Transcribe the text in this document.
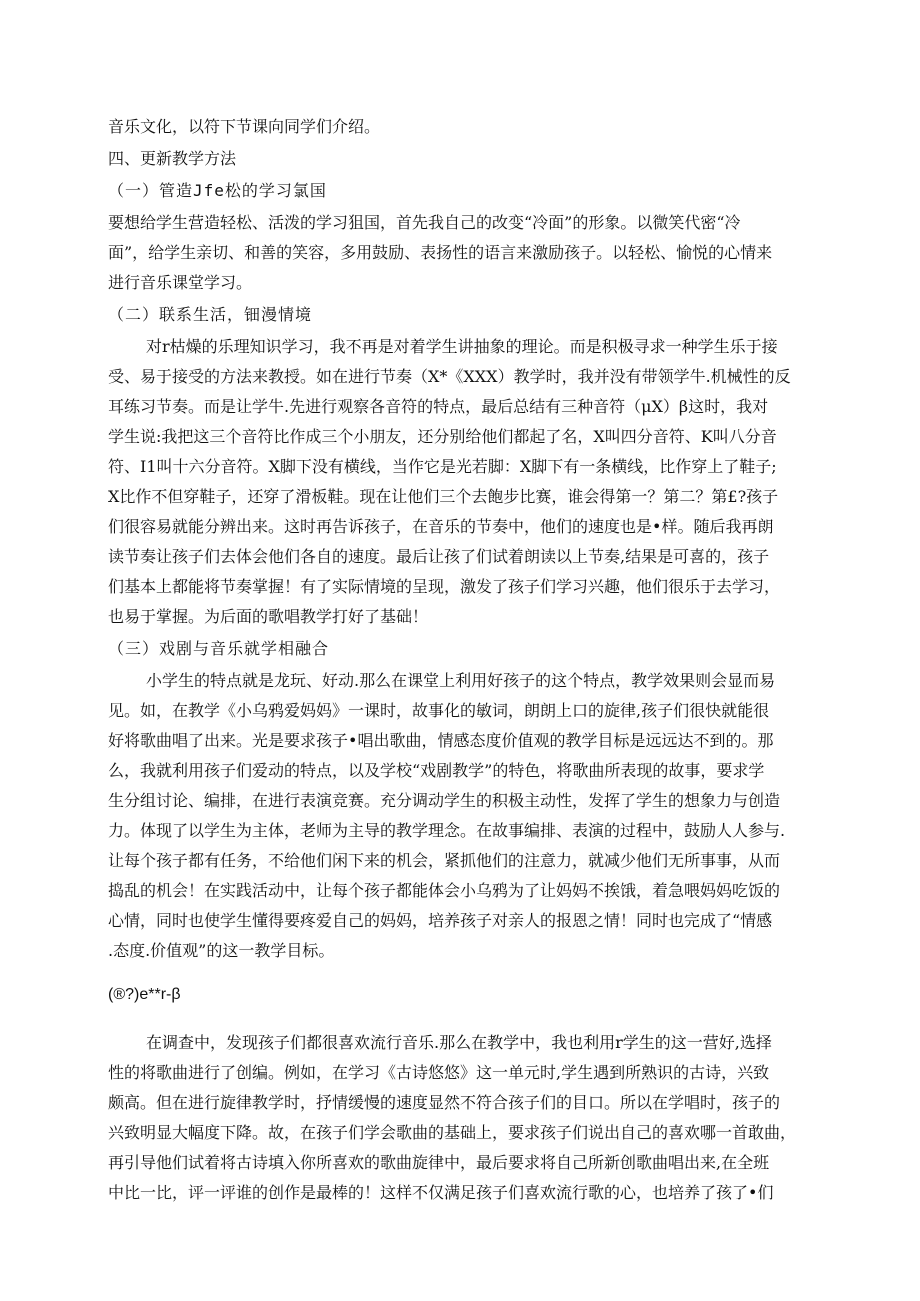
音乐文化，以符下节课向同学们介绍。
四、更新教学方法
（一）管造Jfe松的学习氯国
要想给学生营造轻松、活泼的学习狙国，首先我自己的改变“冷面”的形象。以微笑代密“冷
面”，给学生亲切、和善的笑容，多用鼓励、表扬性的语言来激励孩子。以轻松、愉悦的心情来
进行音乐课堂学习。
（二）联系生活，钿漫情境
对r枯燥的乐理知识学习，我不再是对着学生讲抽象的理论。而是积极寻求一种学生乐于接
受、易于接受的方法来教授。如在进行节奏（X*《XXX）教学时，我并没有带领学牛.机械性的反
耳练习节奏。而是让学牛.先进行观察各音符的特点，最后总结有三种音符（μX）β这时，我对
学生说:我把这三个音符比作成三个小朋友，还分别给他们都起了名，X叫四分音符、K叫八分音
符、I1叫十六分音符。X脚下没有横线，当作它是光若脚：X脚下有一条横线，比作穿上了鞋子;
X比作不但穿鞋子，还穿了滑板鞋。现在让他们三个去飽步比赛，谁会得第一？第二？第£?孩子
们很容易就能分辨出来。这时再告诉孩子，在音乐的节奏中，他们的速度也是•样。随后我再朗
读节奏让孩子们去体会他们各自的速度。最后让孩了们试着朗读以上节奏,结果是可喜的，孩子
们基本上都能将节奏掌握！有了实际情境的呈现，激发了孩子们学习兴趣，他们很乐于去学习，
也易于掌握。为后面的歌唱教学打好了基础！
（三）戏剧与音乐就学相融合
小学生的特点就是龙玩、好动.那么在课堂上利用好孩子的这个特点，教学效果则会显而易
见。如，在教学《小乌鸦爱妈妈》一课时，故事化的敏词，朗朗上口的旋律,孩子们很快就能很
好将歌曲唱了出来。光是要求孩子•唱出歌曲，情感态度价值观的教学目标是远远达不到的。那
么，我就利用孩子们爱动的特点，以及学校“戏剧教学”的特色，将歌曲所表现的故事，要求学
生分组讨论、编排，在进行表演竞赛。充分调动学生的积极主动性，发挥了学生的想象力与创造
力。体现了以学生为主体，老师为主导的教学理念。在故事编排、表演的过程中，鼓励人人参与.
让每个孩子都有任务，不给他们闲下来的机会，紧抓他们的注意力，就减少他们无所事事，从而
捣乱的机会！在实践活动中，让每个孩子都能体会小乌鸦为了让妈妈不挨饿，着急喂妈妈吃饭的
心情，同时也使学生懂得要疼爱自己的妈妈，培养孩子对亲人的报恩之情！同时也完成了“情感
.态度.价值观”的这一教学目标。
(®?)e**r-β
在调查中，发现孩子们都很喜欢流行音乐.那么在教学中，我也利用r学生的这一营好,选择
性的将歌曲进行了创编。例如，在学习《古诗悠悠》这一单元时,学生遇到所熟识的古诗，兴致
颇高。但在进行旋律教学时，抒情缓慢的速度显然不符合孩子们的目口。所以在学唱时，孩子的
兴致明显大幅度下降。故，在孩子们学会歌曲的基础上，要求孩子们说出自己的喜欢哪一首敢曲，
再引导他们试着将古诗填入你所喜欢的歌曲旋律中，最后要求将自己所新创歌曲唱出来,在全班
中比一比，评一评谁的创作是最棒的！这样不仅满足孩子们喜欢流行歌的心，也培养了孩了•们
